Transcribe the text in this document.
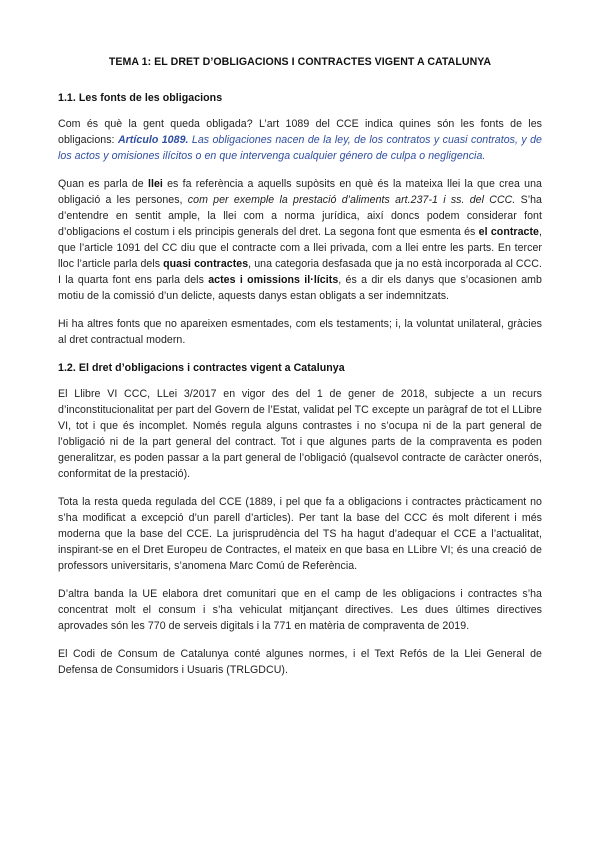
TEMA 1: EL DRET D’OBLIGACIONS I CONTRACTES VIGENT A CATALUNYA
1.1. Les fonts de les obligacions

Com és què la gent queda obligada? L’art 1089 del CCE indica quines són les fonts de les obligacions: Artículo 1089. Las obligaciones nacen de la ley, de los contratos y cuasi contratos, y de los actos y omisiones ilícitos o en que intervenga cualquier género de culpa o negligencia.

Quan es parla de llei es fa referència a aquells supòsits en què és la mateixa llei la que crea una obligació a les persones, com per exemple la prestació d’aliments art.237-1 i ss. del CCC. S’ha d’entendre en sentit ample, la llei com a norma jurídica, així doncs podem considerar font d’obligacions el costum i els principis generals del dret. La segona font que esmenta és el contracte, que l’article 1091 del CC diu que el contracte com a llei privada, com a llei entre les parts. En tercer lloc l’article parla dels quasi contractes, una categoria desfasada que ja no està incorporada al CCC. I la quarta font ens parla dels actes i omissions il·lícits, és a dir els danys que s’ocasionen amb motiu de la comissió d’un delicte, aquests danys estan obligats a ser indemnitzats.

Hi ha altres fonts que no apareixen esmentades, com els testaments; i, la voluntat unilateral, gràcies al dret contractual modern.

1.2. El dret d’obligacions i contractes vigent a Catalunya

El Llibre VI CCC, LLei 3/2017 en vigor des del 1 de gener de 2018, subjecte a un recurs d’inconstitucionalitat per part del Govern de l’Estat, validat pel TC excepte un paràgraf de tot el LLibre VI, tot i que és incomplet. Només regula alguns contrastes i no s’ocupa ni de la part general de l’obligació ni de la part general del contract. Tot i que algunes parts de la compraventa es poden generalitzar, es poden passar a la part general de l’obligació (qualsevol contracte de caràcter onerós, conformitat de la prestació).

Tota la resta queda regulada del CCE (1889, i pel que fa a obligacions i contractes pràcticament no s’ha modificat a excepció d’un parell d’articles). Per tant la base del CCC és molt diferent i més moderna que la base del CCE. La jurisprudència del TS ha hagut d’adequar el CCE a l’actualitat, inspirant-se en el Dret Europeu de Contractes, el mateix en que basa en LLibre VI; és una creació de professors universitaris, s’anomena Marc Comú de Referència.

D’altra banda la UE elabora dret comunitari que en el camp de les obligacions i contractes s’ha concentrat molt el consum i s’ha vehiculat mitjançant directives. Les dues últimes directives aprovades són les 770 de serveis digitals i la 771 en matèria de compraventa de 2019.

El Codi de Consum de Catalunya conté algunes normes, i el Text Refós de la Llei General de Defensa de Consumidors i Usuaris (TRLGDCU).
